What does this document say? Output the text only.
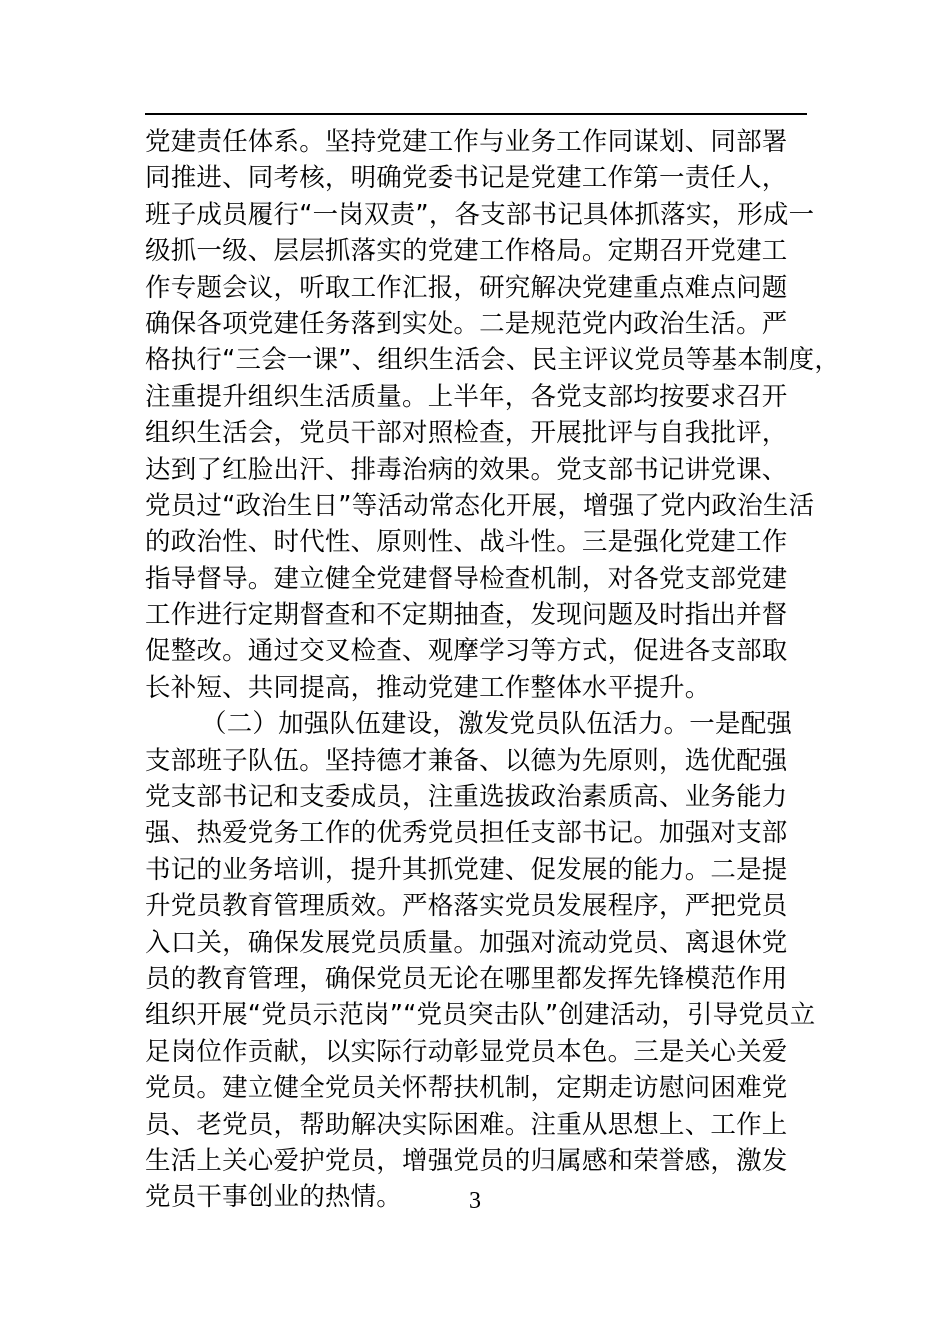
党建责任体系。坚持党建工作与业务工作同谋划、同部署
同推进、同考核，明确党委书记是党建工作第一责任人，
班子成员履行“一岗双责”，各支部书记具体抓落实，形成一
级抓一级、层层抓落实的党建工作格局。定期召开党建工
作专题会议，听取工作汇报，研究解决党建重点难点问题
确保各项党建任务落到实处。二是规范党内政治生活。严
格执行“三会一课”、组织生活会、民主评议党员等基本制度，
注重提升组织生活质量。上半年，各党支部均按要求召开
组织生活会，党员干部对照检查，开展批评与自我批评，
达到了红脸出汗、排毒治病的效果。党支部书记讲党课、
党员过“政治生日”等活动常态化开展，增强了党内政治生活
的政治性、时代性、原则性、战斗性。三是强化党建工作
指导督导。建立健全党建督导检查机制，对各党支部党建
工作进行定期督查和不定期抽查，发现问题及时指出并督
促整改。通过交叉检查、观摩学习等方式，促进各支部取
长补短、共同提高，推动党建工作整体水平提升。
（二）加强队伍建设，激发党员队伍活力。一是配强
支部班子队伍。坚持德才兼备、以德为先原则，选优配强
党支部书记和支委成员，注重选拔政治素质高、业务能力
强、热爱党务工作的优秀党员担任支部书记。加强对支部
书记的业务培训，提升其抓党建、促发展的能力。二是提
升党员教育管理质效。严格落实党员发展程序，严把党员
入口关，确保发展党员质量。加强对流动党员、离退休党
员的教育管理，确保党员无论在哪里都发挥先锋模范作用
组织开展“党员示范岗”“党员突击队”创建活动，引导党员立
足岗位作贡献，以实际行动彰显党员本色。三是关心关爱
党员。建立健全党员关怀帮扶机制，定期走访慰问困难党
员、老党员，帮助解决实际困难。注重从思想上、工作上
生活上关心爱护党员，增强党员的归属感和荣誉感，激发
党员干事创业的热情。	3
